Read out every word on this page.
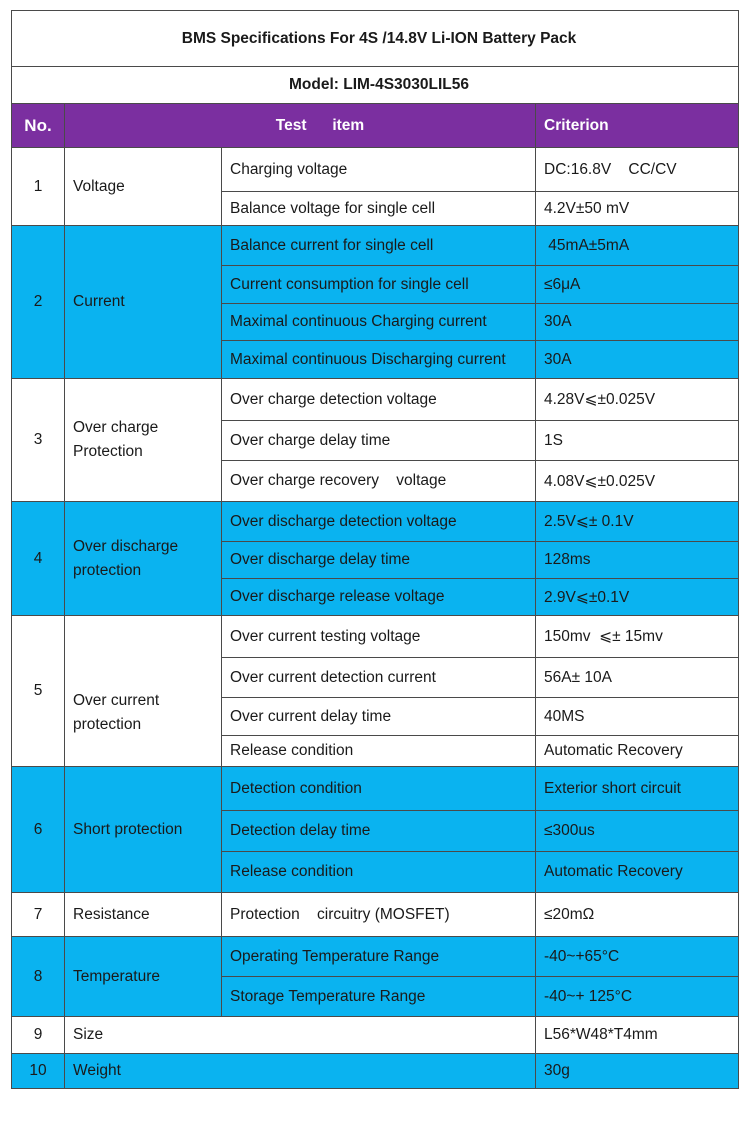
BMS Specifications For 4S /14.8V Li-ION Battery Pack			
Model: LIM-4S3030LIL56			
No.	Test      item		Criterion
1	Voltage	Charging voltage	DC:16.8V    CC/CV
		Balance voltage for single cell	4.2V±50 mV
2	Current	Balance current for single cell	45mA±5mA
		Current consumption for single cell	≤6μA
		Maximal continuous Charging current	30A
		Maximal continuous Discharging current	30A
3	Over charge Protection	Over charge detection voltage	4.28V⩽±0.025V
		Over charge delay time	1S
		Over charge recovery    voltage	4.08V⩽±0.025V
4	Over discharge protection	Over discharge detection voltage	2.5V⩽± 0.1V
		Over discharge delay time	128ms
		Over discharge release voltage	2.9V⩽±0.1V
5	Over current protection	Over current testing voltage	150mv  ⩽± 15mv
		Over current detection current	56A± 10A
		Over current delay time	40MS
		Release condition	Automatic Recovery
6	Short protection	Detection condition	Exterior short circuit
		Detection delay time	≤300us
		Release condition	Automatic Recovery
7	Resistance	Protection    circuitry (MOSFET)	≤20mΩ
8	Temperature	Operating Temperature Range	-40~+65°C
		Storage Temperature Range	-40~+ 125°C
9	Size		L56*W48*T4mm
10	Weight		30g
